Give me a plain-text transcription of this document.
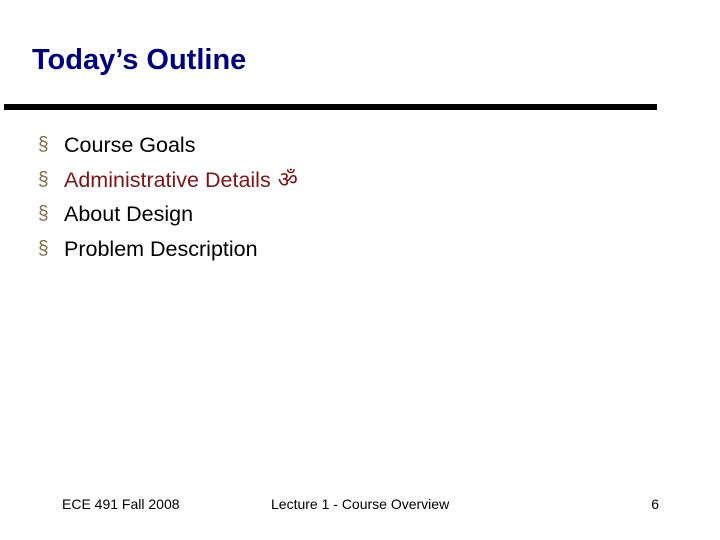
Today’s Outline
§ Course Goals
§ Administrative Details ॐ
§ About Design
§ Problem Description
ECE 491 Fall 2008	Lecture 1 - Course Overview	6
